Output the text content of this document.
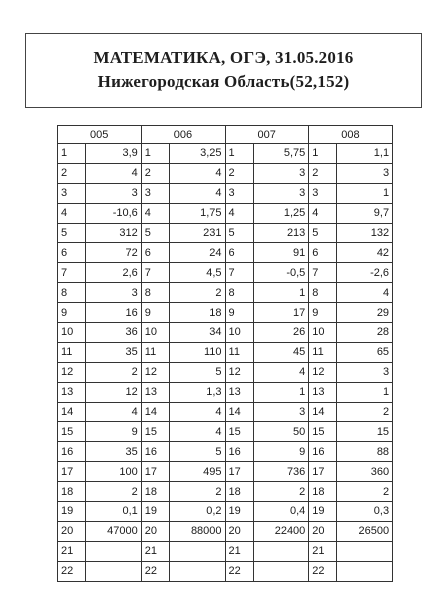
МАТЕМАТИКА, ОГЭ, 31.05.2016
Нижегородская Область(52,152)
005		006		007		008	
1	3,9	1	3,25	1	5,75	1	1,1
2	4	2	4	2	3	2	3
3	3	3	4	3	3	3	1
4	-10,6	4	1,75	4	1,25	4	9,7
5	312	5	231	5	213	5	132
6	72	6	24	6	91	6	42
7	2,6	7	4,5	7	-0,5	7	-2,6
8	3	8	2	8	1	8	4
9	16	9	18	9	17	9	29
10	36	10	34	10	26	10	28
11	35	11	110	11	45	11	65
12	2	12	5	12	4	12	3
13	12	13	1,3	13	1	13	1
14	4	14	4	14	3	14	2
15	9	15	4	15	50	15	15
16	35	16	5	16	9	16	88
17	100	17	495	17	736	17	360
18	2	18	2	18	2	18	2
19	0,1	19	0,2	19	0,4	19	0,3
20	47000	20	88000	20	22400	20	26500
21		21		21		21	
22		22		22		22	
